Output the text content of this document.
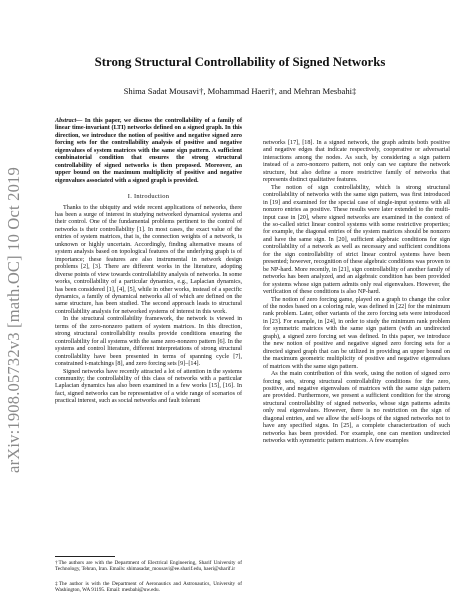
arXiv:1908.05732v3 [math.OC] 10 Oct 2019
Strong Structural Controllability of Signed Networks
Shima Sadat Mousavi†, Mohammad Haeri†, and Mehran Mesbahi‡

Abstract— In this paper, we discuss the controllability of a family of linear time-invariant (LTI) networks defined on a signed graph. In this direction, we introduce the notion of positive and negative signed zero forcing sets for the controllability analysis of positive and negative eigenvalues of system matrices with the same sign pattern. A sufficient combinatorial condition that ensures the strong structural controllability of signed networks is then proposed. Moreover, an upper bound on the maximum multiplicity of positive and negative eigenvalues associated with a signed graph is provided.

I. Introduction

Thanks to the ubiquity and wide recent applications of networks, there has been a surge of interest in studying networked dynamical systems and their control. One of the fundamental problems pertinent to the control of networks is their controllability [1]. In most cases, the exact value of the entries of system matrices, that is, the connection weights of a network, is unknown or highly uncertain. Accordingly, finding alternative means of system analysis based on topological features of the underlying graph is of importance; these features are also instrumental in network design problems [2], [3]. There are different works in the literature, adopting diverse points of view towards controllability analysis of networks. In some works, controllability of a particular dynamics, e.g., Laplacian dynamics, has been considered [1], [4], [5], while in other works, instead of a specific dynamics, a family of dynamical networks all of which are defined on the same structure, has been studied. The second approach leads to structural controllability analysis for networked systems of interest in this work.

In the structural controllability framework, the network is viewed in terms of the zero-nonzero pattern of system matrices. In this direction, strong structural controllability results provide conditions ensuring the controllability for all systems with the same zero-nonzero pattern [6]. In the systems and control literature, different interpretations of strong structural controllability have been presented in terms of spanning cycle [7], constrained t-matchings [8], and zero forcing sets [9]–[14].

Signed networks have recently attracted a lot of attention in the systems community; the controllability of this class of networks with a particular Laplacian dynamics has also been examined in a few works [15], [16]. In fact, signed networks can be representative of a wide range of scenarios of practical interest, such as social networks and fault tolerant

networks [17], [18]. In a signed network, the graph admits both positive and negative edges that indicate respectively, cooperative or adversarial interactions among the nodes. As such, by considering a sign pattern instead of a zero-nonzero pattern, not only can we capture the network structure, but also define a more restrictive family of networks that represents distinct qualitative features.

The notion of sign controllability, which is strong structural controllability of networks with the same sign pattern, was first introduced in [19] and examined for the special case of single-input systems with all nonzero entries as positive. These results were later extended to the multi-input case in [20], where signed networks are examined in the context of the so-called strict linear control systems with some restrictive properties; for example, the diagonal entries of the system matrices should be nonzero and have the same sign. In [20], sufficient algebraic conditions for sign controllability of a network as well as necessary and sufficient conditions for the sign controllability of strict linear control systems have been presented; however, recognition of these algebraic conditions was proven to be NP-hard. More recently, in [21], sign controllability of another family of networks has been analyzed, and an algebraic condition has been provided for systems whose sign pattern admits only real eigenvalues. However, the verification of these conditions is also NP-hard.

The notion of zero forcing game, played on a graph to change the color of the nodes based on a coloring rule, was defined in [22] for the minimum rank problem. Later, other variants of the zero forcing sets were introduced in [23]. For example, in [24], in order to study the minimum rank problem for symmetric matrices with the same sign pattern (with an undirected graph), a signed zero forcing set was defined. In this paper, we introduce the new notion of positive and negative signed zero forcing sets for a directed signed graph that can be utilized in providing an upper bound on the maximum geometric multiplicity of positive and negative eigenvalues of matrices with the same sign pattern.

As the main contribution of this work, using the notion of signed zero forcing sets, strong structural controllability conditions for the zero, positive, and negative eigenvalues of matrices with the same sign pattern are provided. Furthermore, we present a sufficient condition for the strong structural controllability of signed networks, whose sign patterns admits only real eigenvalues. However, there is no restriction on the sign of diagonal entries, and we allow the self-loops of the signed networks not to have any specified signs. In [25], a complete characterization of such networks has been provided. For example, one can mention undirected networks with symmetric pattern matrices. A few examples

†The authors are with the Department of Electrical Engineering, Sharif University of Technology, Tehran, Iran. Emails: shimasadat_mousavi@ee.sharif.edu, haeri@sharif.ir
‡The author is with the Department of Aeronautics and Astronautics, University of Washington, WA 91195. Email: mesbahi@uw.edu.
